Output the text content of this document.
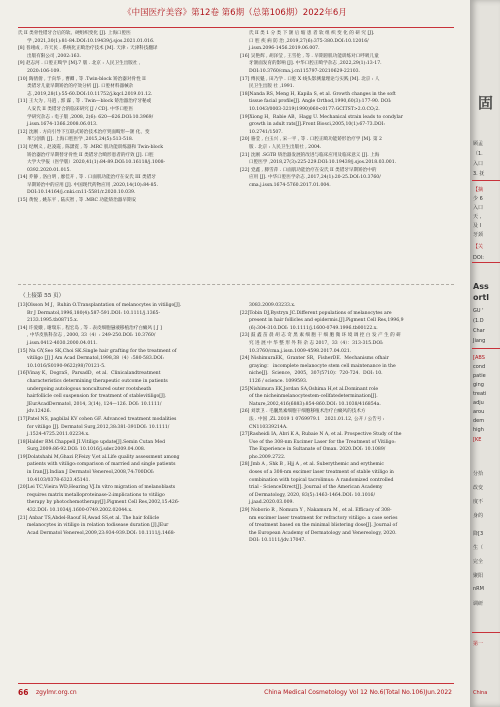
《中国医疗美容》第12卷 第6期（总第106期）2022年6月
氏 II 类骨性错牙合后的软、硬组织变化 [J]. 上海口腔医
学 ,2021,30(1):81-84.DOI:10.19439/j.sjos.2021.01.016.
[8] 普翊成 , 许天民 . 系统化正畸治疗技术 [M]. 天津 : 天津科技翻译
出版有限公司 ,2002:163.
[9] 赵志河 . 口腔正畸学 [M].7 版 . 北京 : 人民卫生出版社 ,
2020:106-109.
[10] 陶倩倩 , 于向华 , 曹卿 , 等 .Twin-block 矫治器对骨性 II
类错牙儿童早期矫治的疗效分析 [J]. 口腔材料器械杂
志 ,2019,28(1):55-60.DOI:10.11752/j.kqcl.2019.01.12.
[11] 王大为 , 马逍 , 郭 霖 , 等 . Twin—block 矫治器治疗牙秘或
人安氏 II 类错牙合的临床研究 [J / CD]. 中华口腔医
学研究杂志 : 电子版 ,2008, 2(6): 620—626.DOI:10.3969/
j.issn.1674-1366.2008.06.013.
[12] 沈刚 . 方向引导下互联式矫治技术治疗突面畸形—颌 化、变
革与创新 [J]. 上海口腔医学 ,2015,24(5):513-518.
[13] 纪纲义 , 赵凌霞 , 陈潇霓 , 等 .MRC 肌功能训练器和 Twin-block
矫治器治疗早期替牙骨性 II 类错牙合畸形患者的疗效 [J]. 口腔
大学大学报（医学版）2020,41(1):84-89.DOI:10.16118/j.1008-
0392.2020.01.015.
[14] 乔静 , 洛白明 , 廖佳开 , 等 . 口面肌功能治疗在安氏 III 类错牙
早期矫治中的应用 [J]. 中国现代药物应用 ,2020,14(10):84-85.
DOI:10.14164/j.cnki.cn11-5581/r.2020.10.039.
[15] 黄悦 , 姚东平 , 陆庆智 , 等 .MRC 功能矫治器早期安
氏 II 类 1 分 类 下 颌 后 缩 患 者 软 组 织 变 化 的 研 究 [J].
口 腔 疾 病 防 治 ,2019,27(6):375-380.DOI:10.12016/
j.issn.2096-1456.2019.06.007.
[16] 吴艳辉 , 胡泽莹 , 王雪伦 , 等 . 早期唇肌功能训练对口呼吸儿童
牙颌面发育的影响 [J]. 中华口腔正畸学杂志 ,2022,29(1):13-17.
DOI:10.3760/cma.j.cn115797-20210629-22103.
[17] 傅民魁 , 田乃学 . 口腔 X 线头影测量理论与实践 [M]. 北京 : 人
民卫生出版 社 ,1991.
[18]Nanda RS, Meng H, Kapila S, et al. Growth changes in the soft
tissue facial profile[J]. Angle Orthod,1990,60(3):177-90. DOI:
10.1043/0003-3219(1990)060<0177:GCITST>2.0.CO;2.
[19]Xiong H，Rabie AB，Hagg U. Mechanical strain leads to condylar
growth in adult rats[J].Front Biosci,2005,10(1):67-73.DOI:
10.2741/1507.
[20] 骆莹 , 白玉兴 , 宋一平 , 等 . 口腔正畸功能矫形治疗学 [M]. 第 2
版 . 北京 : 人民卫生出版社 , 2004.
[21] 沈刚 .SGTB 矫治器发展的改进与临床应用及临床意义 [J]. 上海
口腔医学 ,2018,27(3):225-229.DOI:10.19439/j.sjos.2018.03.001.
[22] 党鑫 , 滕雪萍 . 口面肌功能治疗在安氏 II 类错牙早期矫治中的
应用 [J]. 中华口腔医学杂志 ,2017,24(1):20-25.DOI:10.3760/
cma.j.issn.1674-5760.2017.01.004.
（上接第 55 页）
[13]Olsson M J，Ruhin O.Transplantation of melanocytes in vitiligo[J].
Br J Dermatol,1996,180(4):587-591.DOI: 10.1111/j.1365-
2133.1995.tb08715.x.
[14] 许爱娥 , 谢瑞东 , 程宏岛 , 等 . 表皮细胞悬液移植治疗白癜风 [ J ]
, 中华皮肤科杂志 , 2000, 33（4）: 249-250.DOI: 10.3760/
j.issn.0412-4030.2000.04.011.
[15] Na GY,Seo SK,Choi SK.Single hair grafting for the treatment of
vitiligo [J] J Am Acad Dermatol,1998,38（4）:580-583.DOI:
10.1016/S0190-9622(98)70121-5.
[16]Vinay K，DograS，ParsadD，et al．Clinicalandtreatment
characteristics determining therapeutic outcome in patients
undergoing autologous noncultured outer rootsheath
hairfollicle cell suspension for treatment of stablevitiligo[J]．
JEurAcadDermatol, 2014, 3(14), 124—126. DOI: 10.1111/
jdv.12426.
[17]Patel NS, pagbilal KV cohen GF. Advanced treatment modalities
for vitiligo [J]. Dermatol Surg,2012,38:381-391DOI: 10.1111/
j.1524-4725.2011.02234.x.
[18]Halder RM.Chappell JI.Vitiligo update[J].Semin Cutan Med
Surg,2009:86-92.DOI: 10.1016/j.sder.2009.04.008.
[19]Dolatshahi M,Ghazi P,Feizy V,et al.Life quality assessment among
patients with vitiligo:comparison of married and single patients
in Iran[J].Indian J Dermatol Venereol,2008,74:700DOI:
10.4103/0378-6323.45141.
[20]Lei TC,Vieira WD,Hearing VJ.In vitro migration of melanoblasts
requires matrix metalloproteinase-2:implications to vitiligo
therapy by photochemotherapy[J].Pigment Cell Res,2002,15:426-
432.DOI: 10.1034/j.1600-0749.2002.02044.x.
[21] Anbar TS,Abdel-Raouf H,Awad SS,et al. The hair follicle
melanocytes in vitiligo in relation todisease duration [J].JEur
Acad Dermatol Venereol,2009,23:934-939.DOI: 10.1111/j.1468-
3083.2009.03233.x.
[22]Tobin DJ,Bystryn JC.Different populations of melanocytes are
present in hair follicles and epidermis.[J].Pigment Cell Res,1996,9
(6):304-310.DOI: 10.1111/j.1600-0749.1996.tb00122.x.
[23] 鼓 鑫 苗 晨 胡 志 奇 黑 素 细 胞 干 细 胞 微 环 境 调 控 白 发 产 生 的 研
究 进 展 中 华 整 形 外 科 杂 志 2017，33（4）：313-315.DOI:
10.3760/cma.j.issn.1009-4598.2017.04.021.
[24] NishimuraEK，Granter SR，FisherDE．Mechanisms ofhair
graying： incomplete melanocyte stem cell maintenance in the
niche[J]．Science，2005，307(5710)：720-724．DOI: 10.
1126 / science. 1099593.
[25]Nishimura EK,Jordan SA,Oshima H,et al.Dominant role
of the nicheinmelanocytestem-cellfatedetermination[J].
Nature,2002,416(6883):854-860.DOI: 10.1038/416854a.
[26] 刘景卫 . 毛囊黑素细胞干细胞移植术治疗白癜风的技术方
法 . 中国 ,ZL 2019 1 0769979.1　2021.01.12, 公开 / 公告号 :
CN110339214A.
[27]Rasheidi IA, Abri K A, Rubaie N A, et al. Prospective Study of the
Use of the 308-nm Excimer Laser for the Treatment of Vitiligo:
The Experience in Sultanate of Oman. 2020.DOI: 10.1089/
pho.2009.2722.
[28] Jmb A , Shk B , Hjj A , et al. Suberythemic and erythemic
doses of a 308-nm excimer laser treatment of stable vitiligo in
combination with topical tacrolimus: A randomized controlled
trial - ScienceDirect[J]. Journal of the American Academy
of Dermatology, 2020, 83(5):1463-1464.DOI: 10.1016/
j.jaad.2020.03.009.
[29] Noborio R , Nomura Y , Nakamura M , et al. Efficacy of 308-
nm excimer laser treatment for refractory vitiligo: a case series
of treatment based on the minimal blistering dose[J]. Journal of
the European Academy of Dermatology and Venereology, 2020.
DOI: 10.1111/jdv.17047.
66 zgylmr.org.cn	China Medical Cosmetology Vol 12 No.6(Total No.106)Jun.2022
固
顾孟
（1.
入口
3. 抚
【摘
少 6
入口
天 ,
及 I
牙颈
【关
DOI:
Ass
ortl
GU '
(1.D
Char
Jiang
[ABS
cond
patie
ging
treati
adju
arou
dem
high
[KE
分拾
改变
度不
身的
降[3
生（
完全
聚阳
nRM
调研
第一
China
